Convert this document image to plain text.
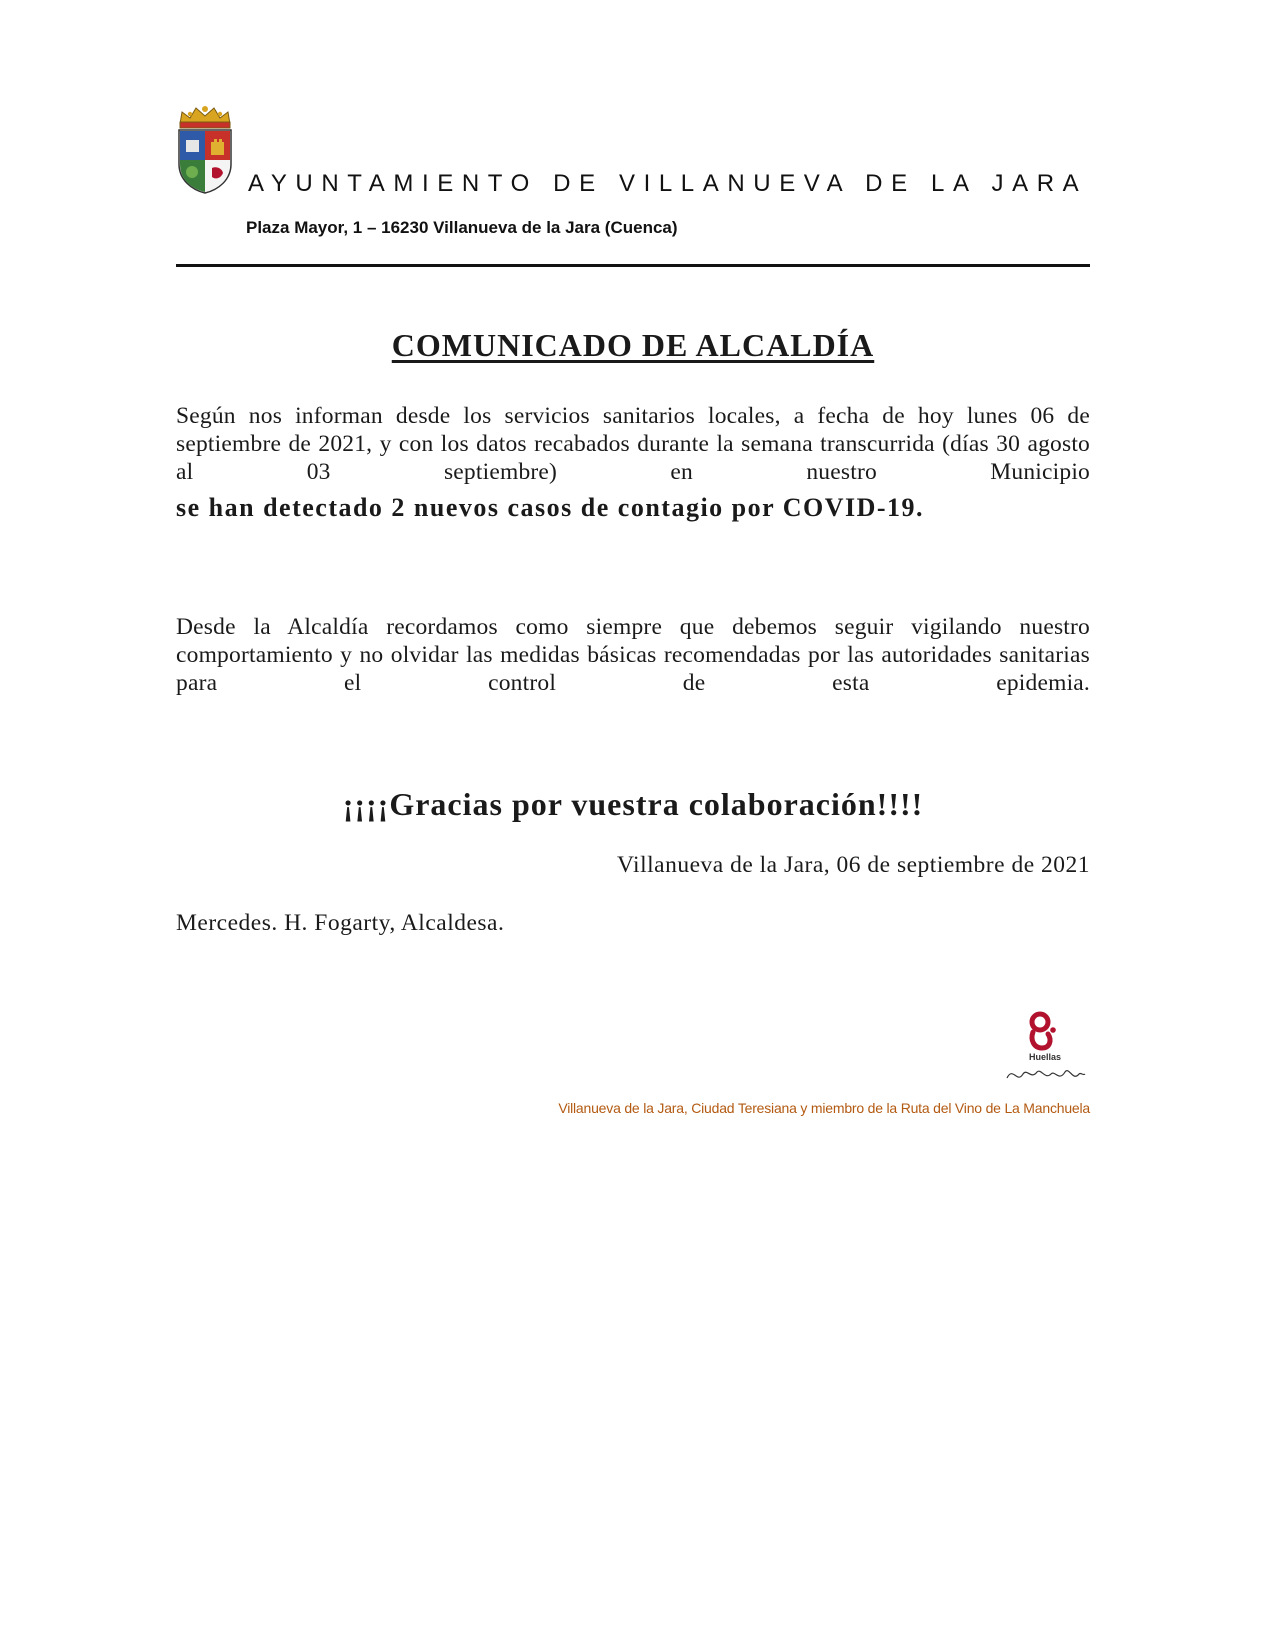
AYUNTAMIENTO DE VILLANUEVA DE LA JARA
Plaza Mayor, 1 – 16230 Villanueva de la Jara (Cuenca)
COMUNICADO DE ALCALDÍA
Según nos informan desde los servicios sanitarios locales, a fecha de hoy lunes 06 de septiembre de 2021, y con los datos recabados durante la semana transcurrida (días 30 agosto al 03 septiembre) en nuestro Municipio
se han detectado 2 nuevos casos de contagio por COVID-19.
Desde la Alcaldía recordamos como siempre que debemos seguir vigilando nuestro comportamiento y no olvidar las medidas básicas recomendadas por las autoridades sanitarias para el control de esta epidemia.
¡¡¡¡Gracias por vuestra colaboración!!!!
Villanueva de la Jara, 06 de septiembre de 2021
Mercedes. H. Fogarty, Alcaldesa.
Huellas
Villanueva de la Jara, Ciudad Teresiana y miembro de la Ruta del Vino de La Manchuela
